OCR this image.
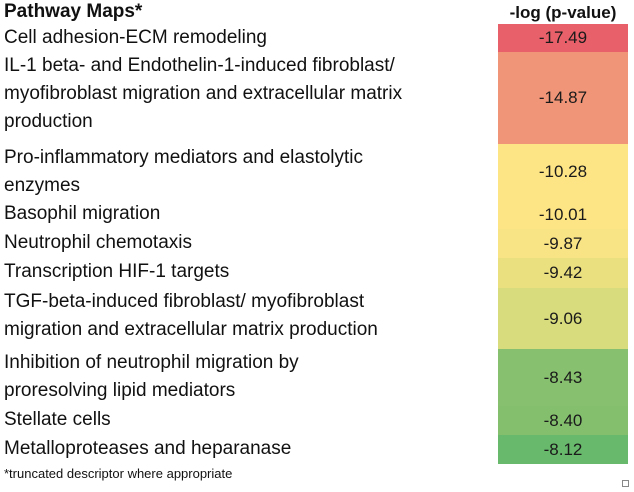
Pathway Maps*	-log (p-value)
Cell adhesion-ECM remodeling	-17.49
IL-1 beta- and Endothelin-1-induced fibroblast/
myofibroblast migration and extracellular matrix
production
-14.87
Pro-inflammatory mediators and elastolytic
enzymes
-10.28
Basophil migration	-10.01
Neutrophil chemotaxis	-9.87
Transcription HIF-1 targets	-9.42
TGF-beta-induced fibroblast/ myofibroblast
migration and extracellular matrix production
-9.06
Inhibition of neutrophil migration by
proresolving lipid mediators
-8.43
Stellate cells	-8.40
Metalloproteases and heparanase	-8.12
*truncated descriptor where appropriate
